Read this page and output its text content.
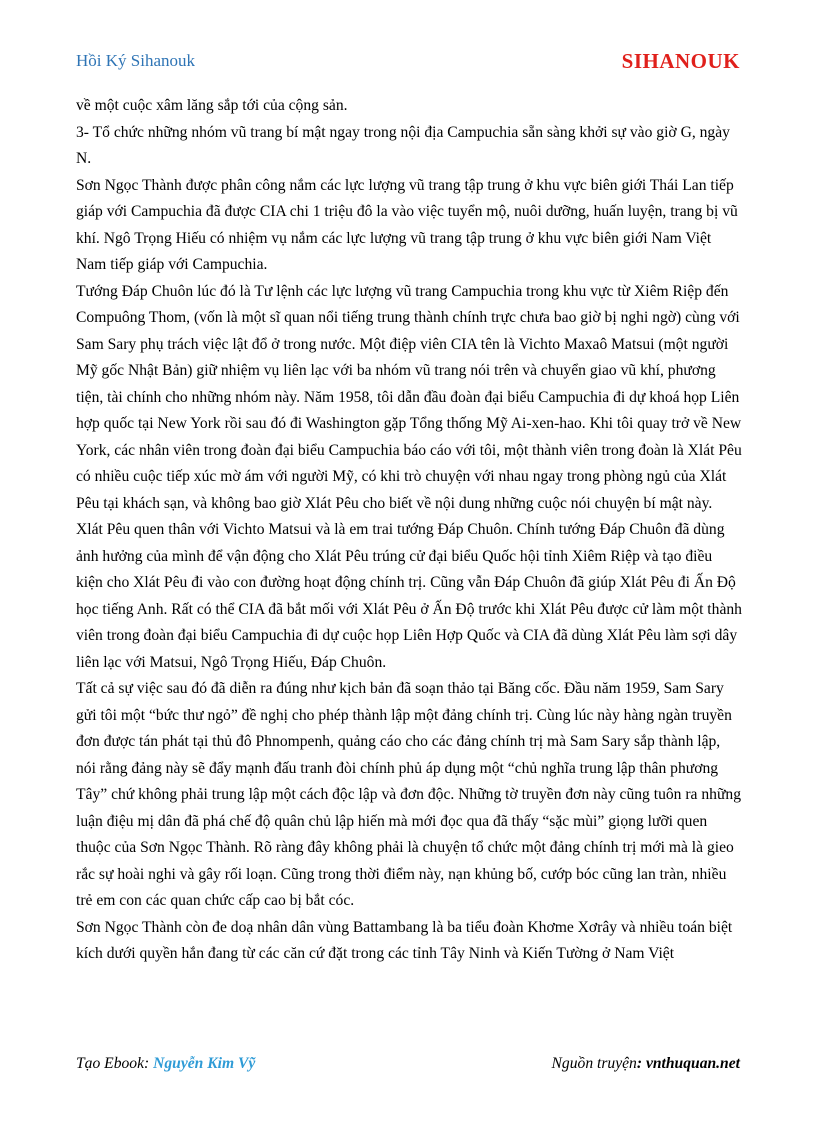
Hồi Ký Sihanouk	SIHANOUK

về một cuộc xâm lăng sắp tới của cộng sản.

3- Tổ chức những nhóm vũ trang bí mật ngay trong nội địa Campuchia sẵn sàng khởi sự vào giờ G, ngày N.

Sơn Ngọc Thành được phân công nắm các lực lượng vũ trang tập trung ở khu vực biên giới Thái Lan tiếp giáp với Campuchia đã được CIA chi 1 triệu đô la vào việc tuyển mộ, nuôi dưỡng, huấn luyện, trang bị vũ khí. Ngô Trọng Hiếu có nhiệm vụ nắm các lực lượng vũ trang tập trung ở khu vực biên giới Nam Việt Nam tiếp giáp với Campuchia.

Tướng Đáp Chuôn lúc đó là Tư lệnh các lực lượng vũ trang Campuchia trong khu vực từ Xiêm Riệp đến Compuông Thom, (vốn là một sĩ quan nổi tiếng trung thành chính trực chưa bao giờ bị nghi ngờ) cùng với Sam Sary phụ trách việc lật đổ ở trong nước. Một điệp viên CIA tên là Vichto Maxaô Matsui (một người Mỹ gốc Nhật Bản) giữ nhiệm vụ liên lạc với ba nhóm vũ trang nói trên và chuyển giao vũ khí, phương tiện, tài chính cho những nhóm này. Năm 1958, tôi dẫn đầu đoàn đại biểu Campuchia đi dự khoá họp Liên hợp quốc tại New York rồi sau đó đi Washington gặp Tổng thống Mỹ Ai-xen-hao. Khi tôi quay trở về New York, các nhân viên trong đoàn đại biểu Campuchia báo cáo với tôi, một thành viên trong đoàn là Xlát Pêu có nhiều cuộc tiếp xúc mờ ám với người Mỹ, có khi trò chuyện với nhau ngay trong phòng ngủ của Xlát Pêu tại khách sạn, và không bao giờ Xlát Pêu cho biết về nội dung những cuộc nói chuyện bí mật này.

Xlát Pêu quen thân với Vichto Matsui và là em trai tướng Đáp Chuôn. Chính tướng Đáp Chuôn đã dùng ảnh hưởng của mình để vận động cho Xlát Pêu trúng cử đại biểu Quốc hội tỉnh Xiêm Riệp và tạo điều kiện cho Xlát Pêu đi vào con đường hoạt động chính trị. Cũng vẫn Đáp Chuôn đã giúp Xlát Pêu đi Ấn Độ học tiếng Anh. Rất có thể CIA đã bắt mối với Xlát Pêu ở Ấn Độ trước khi Xlát Pêu được cử làm một thành viên trong đoàn đại biểu Campuchia đi dự cuộc họp Liên Hợp Quốc và CIA đã dùng Xlát Pêu làm sợi dây liên lạc với Matsui, Ngô Trọng Hiếu, Đáp Chuôn.

Tất cả sự việc sau đó đã diễn ra đúng như kịch bản đã soạn thảo tại Băng cốc. Đầu năm 1959, Sam Sary gửi tôi một “bức thư ngỏ” đề nghị cho phép thành lập một đảng chính trị. Cùng lúc này hàng ngàn truyền đơn được tán phát tại thủ đô Phnompenh, quảng cáo cho các đảng chính trị mà Sam Sary sắp thành lập, nói rằng đảng này sẽ đẩy mạnh đấu tranh đòi chính phủ áp dụng một “chủ nghĩa trung lập thân phương Tây” chứ không phải trung lập một cách độc lập và đơn độc. Những tờ truyền đơn này cũng tuôn ra những luận điệu mị dân đã phá chế độ quân chủ lập hiến mà mới đọc qua đã thấy “sặc mùi” giọng lưỡi quen thuộc của Sơn Ngọc Thành. Rõ ràng đây không phải là chuyện tổ chức một đảng chính trị mới mà là gieo rắc sự hoài nghi và gây rối loạn. Cũng trong thời điểm này, nạn khủng bố, cướp bóc cũng lan tràn, nhiều trẻ em con các quan chức cấp cao bị bắt cóc.

Sơn Ngọc Thành còn đe doạ nhân dân vùng Battambang là ba tiểu đoàn Khơme Xơrây và nhiều toán biệt kích dưới quyền hắn đang từ các căn cứ đặt trong các tỉnh Tây Ninh và Kiến Tường ở Nam Việt

Tạo Ebook: Nguyễn Kim Vỹ	Nguồn truyện: vnthuquan.net
